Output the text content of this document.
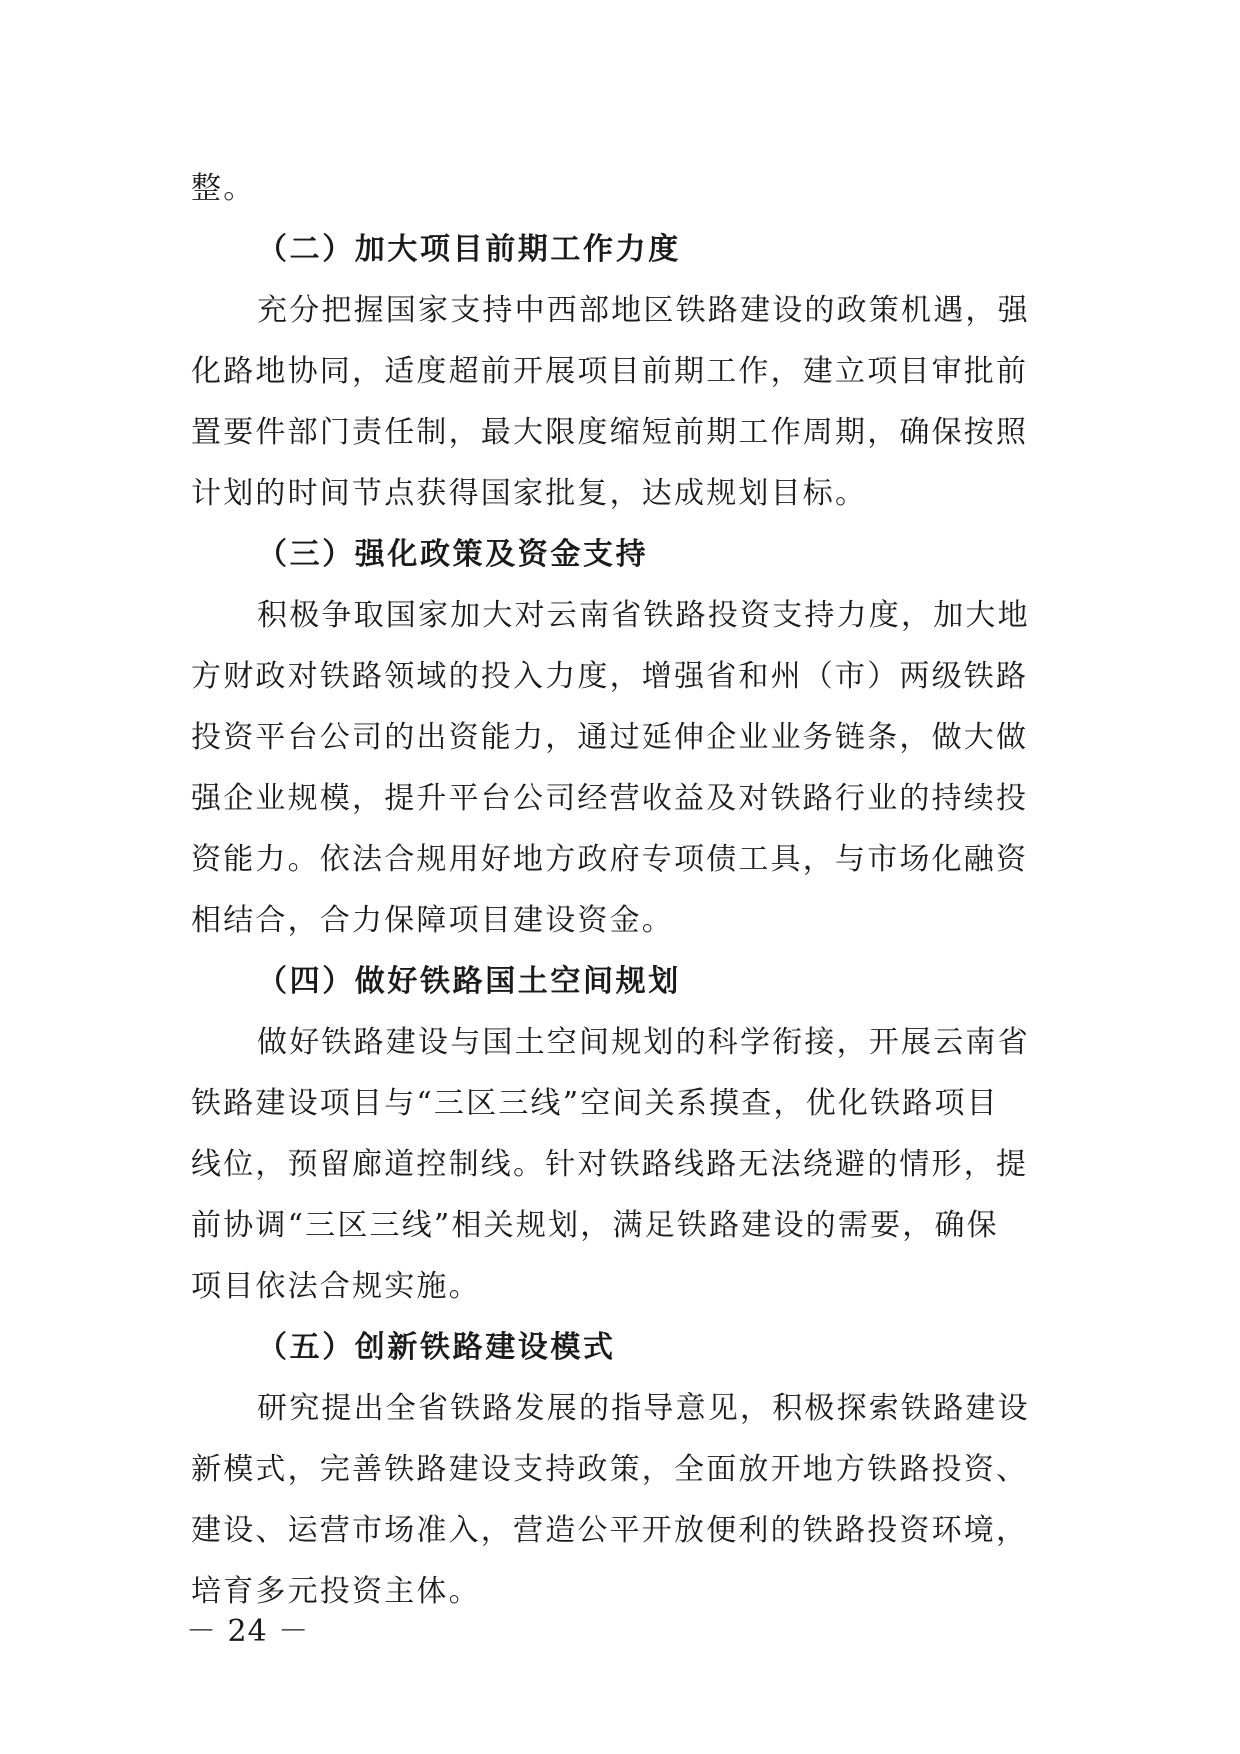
整。
（二）加大项目前期工作力度
充分把握国家支持中西部地区铁路建设的政策机遇，强
化路地协同，适度超前开展项目前期工作，建立项目审批前
置要件部门责任制，最大限度缩短前期工作周期，确保按照
计划的时间节点获得国家批复，达成规划目标。
（三）强化政策及资金支持
积极争取国家加大对云南省铁路投资支持力度，加大地
方财政对铁路领域的投入力度，增强省和州（市）两级铁路
投资平台公司的出资能力，通过延伸企业业务链条，做大做
强企业规模，提升平台公司经营收益及对铁路行业的持续投
资能力。依法合规用好地方政府专项债工具，与市场化融资
相结合，合力保障项目建设资金。
（四）做好铁路国土空间规划
做好铁路建设与国土空间规划的科学衔接，开展云南省
铁路建设项目与“三区三线”空间关系摸查，优化铁路项目
线位，预留廊道控制线。针对铁路线路无法绕避的情形，提
前协调“三区三线”相关规划，满足铁路建设的需要，确保
项目依法合规实施。
（五）创新铁路建设模式
研究提出全省铁路发展的指导意见，积极探索铁路建设
新模式，完善铁路建设支持政策，全面放开地方铁路投资、
建设、运营市场准入，营造公平开放便利的铁路投资环境，
培育多元投资主体。
－ 24 －
